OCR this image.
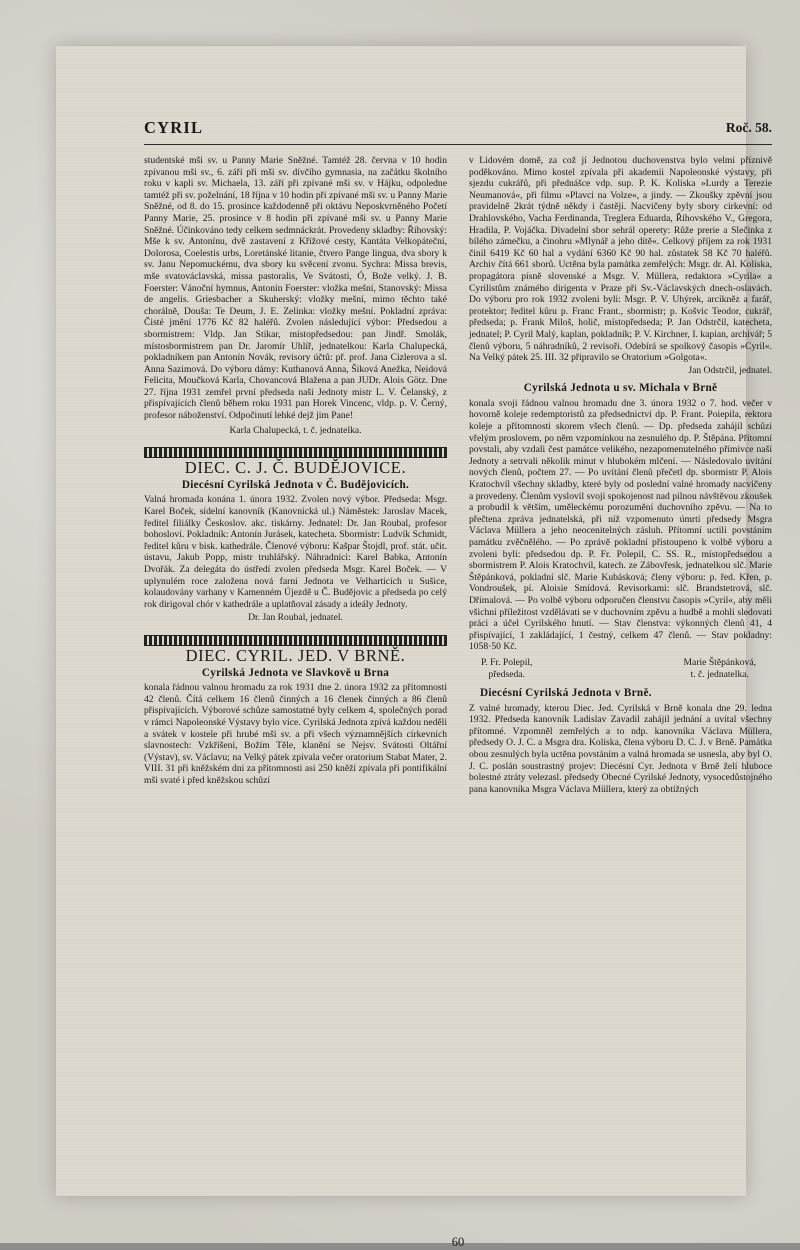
CYRIL	Roč. 58.

studentské mši sv. u Panny Marie Sněžné. Tamtéž 28. června v 10 hodin zpívanou mši sv., 6. září při mši sv. dívčího gymnasia, na začátku školního roku v kapli sv. Michaela, 13. září při zpívané mši sv. v Hájku, odpoledne tamtéž při sv. poželnání, 18 října v 10 hodin při zpívané mši sv. u Panny Marie Sněžné, od 8. do 15. prosince každodenně při oktávu Neposkvrněného Početí Panny Marie, 25. prosince v 8 hodin při zpívané mši sv. u Panny Marie Sněžné. Účinkováno tedy celkem sedmnáckrát. Provedeny skladby: Říhovský: Mše k sv. Antonínu, dvě zastavení z Křížové cesty, Kantáta Velkopáteční, Dolorosa, Coelestis urbs, Loretánské litanie, čtvero Pange lingua, dva sbory k sv. Janu Nepomuckému, dva sbory ku svěcení zvonu. Sychra: Missa brevis, mše svatováclavská, missa pastoralis, Ve Svátosti, Ó, Bože velký. J. B. Foerster: Vánoční hymnus, Antonín Foerster: vložka mešní, Stanovský: Missa de angelis. Griesbacher a Skuherský: vložky mešní, mimo těchto také chorálně, Douša: Te Deum, J. E. Zelinka: vložky mešní. Pokladní zpráva: Čisté jmění 1776 Kč 82 haléřů. Zvolen následující výbor: Předsedou a sbormistrem: Vldp. Jan Stikar, místopředsedou: pan Jindř. Smolák, místosbormistrem pan Dr. Jaromír Uhlíř, jednatelkou: Karla Chalupecká, pokladníkem pan Antonín Novák, revisory účtů: př. prof. Jana Cizlerova a sl. Anna Sazimová. Do výboru dámy: Kuthanová Anna, Šiková Anežka, Neidová Felicita, Moučková Karla, Chovancová Blažena a pan JUDr. Alois Götz. Dne 27. října 1931 zemřel první předseda naší Jednoty mistr L. V. Čelanský, z přispívajících členů během roku 1931 pan Horek Vincenc, vldp. p. V. Černý, profesor náboženství. Odpočinutí lehké dejž jim Pane!

Karla Chalupecká, t. č. jednatelka.

DIEC. C. J. Č. BUDĚJOVICE.
Diecésní Cyrilská Jednota v Č. Budějovicích.

Valná hromada konána 1. února 1932. Zvolen nový výbor. Předseda: Msgr. Karel Boček, sídelní kanovník (Kanovnická ul.) Náměstek: Jaroslav Macek, ředitel filiálky Českoslov. akc. tiskárny. Jednatel: Dr. Jan Roubal, profesor bohosloví. Pokladník: Antonín Jurásek, katecheta. Sbormistr: Ludvík Schmidt, ředitel kůru v bisk. kathedrále. Členové výboru: Kašpar Štojdl, prof. stát. učit. ústavu, Jakub Popp, mistr truhlářský. Náhradníci: Karel Babka, Antonín Dvořák. Za delegáta do ústředí zvolen předseda Msgr. Karel Boček. — V uplynulém roce založena nová farní Jednota ve Velharticích u Sušice, kolaudovány varhany v Kamenném Újezdě u Č. Budějovic a předseda po celý rok dirigoval chór v kathedrále a uplatňoval zásady a ideály Jednoty.

Dr. Jan Roubal, jednatel.

DIEC. CYRIL. JED. V BRNĚ.
Cyrilská Jednota ve Slavkově u Brna

konala řádnou valnou hromadu za rok 1931 dne 2. února 1932 za přítomnosti 42 členů. Čítá celkem 16 členů činných a 16 členek činných a 86 členů přispívajících. Výborové schůze samostatné byly celkem 4, společných porad v rámci Napoleonské Výstavy bylo více. Cyrilská Jednota zpívá každou neděli a svátek v kostele při hrubé mši sv. a při všech významnějších církevních slavnostech: Vzkříšení, Božím Těle, klanění se Nejsv. Svátosti Oltářní (Výstav), sv. Václavu; na Velký pátek zpívala večer oratorium Stabat Mater, 2. VIII. 31 při kněžském dni za přítomnosti asi 250 kněží zpívala při pontifikální mši svaté i před kněžskou schůzí

v Lidovém domě, za což jí Jednotou duchovenstva bylo velmi příznivě poděkováno. Mimo kostel zpívala při akademii Napoleonské výstavy, při sjezdu cukrářů, při přednášce vdp. sup. P. K. Kolíska »Lurdy a Terezie Neumanová«, při filmu »Plavci na Volze«, a jindy. — Zkoušky zpěvní jsou pravidelně 2krát týdně někdy i častěji. Nacvičeny byly sbory církevní: od Drahlovského, Vacha Ferdinanda, Treglera Eduarda, Říhovského V., Gregora, Hradila, P. Vojáčka. Divadelní sbor sehrál operety: Růže prerie a Slečinka z bílého zámečku, a činohru »Mlynář a jeho dítě«. Celkový příjem za rok 1931 činil 6419 Kč 60 hal a vydání 6360 Kč 90 hal. zůstatek 58 Kč 70 haléřů. Archiv čítá 661 sborů. Uctěna byla památka zemřelých: Msgr. dr. Al. Kolíska, propagátora písně slovenské a Msgr. V. Müllera, redaktora »Cyrila« a Cyrilistům známého dirigenta v Praze při Sv.-Václavských dnech-oslavách. Do výboru pro rok 1932 zvoleni byli: Msgr. P. V. Uhýrek, arcikněz a farář, protektor; ředitel kůru p. Franc Frant., sbormistr; p. Košvic Teodor, cukrář, předseda; p. Frank Miloš, holič, místopředseda; P. Jan Odstrčil, katecheta, jednatel; P. Cyril Malý, kaplan, pokladník; P. V. Kirchner, I. kapian, archivář; 5 členů výboru, 5 náhradníků, 2 revisoři. Odebírá se spolkový časopis »Cyril«. Na Velký pátek 25. III. 32 připravilo se Oratorium »Golgota«.

Jan Odstrčil, jednatel.

Cyrilská Jednota u sv. Michala v Brně

konala svoji řádnou valnou hromadu dne 3. února 1932 o 7. hod. večer v hovorně koleje redemptoristů za předsednictví dp. P. Frant. Poiepila, rektora koleje a přítomnosti skorem všech členů. — Dp. předseda zahájil schůzi vřelým proslovem, po něm vzpomínkou na zesnulého dp. P. Štěpána. Přítomní povstali, aby vzdali čest památce velikého, nezapomenutelného přímivce naší Jednoty a setrvali několik minut v hlubokém mlčení. — Následovalo uvítání nových členů, počtem 27. — Po uvítání členů přečetl dp. sbormistr P. Alois Kratochvíl všechny skladby, které byly od poslední valné hromady nacvičeny a provedeny. Členům vyslovil svoji spokojenost nad pilnou návštěvou zkoušek a probudil k větším, uměleckému porozumění duchovního zpěvu. — Na to přečtena zpráva jednatelská, při níž vzpomenuto úmrtí předsedy Msgra Václava Müllera a jeho neocenitelných zásluh. Přítomní uctili povstáním památku zvěčnělého. — Po zprávě pokladní přistoupeno k volbě výboru a zvoleni byli: předsedou dp. P. Fr. Polepil, C. SS. R., místopředsedou a sbormistrem P. Alois Kratochvíl, katech. ze Zábovřesk, jednatelkou slč. Marie Štěpánková, pokladní slč. Marie Kubásková; členy výboru: p. řed. Křen, p. Vondroušek, pí. Aloisie Smídová. Revisorkami: slč. Brandstetrová, slč. Dřímalová. — Po volbě výboru odporučen členstvu časopis »Cyril«, aby měli všichni příležitost vzdělávati se v duchovním zpěvu a hudbě a mohli sledovati práci a účel Cyrilského hnutí. — Stav členstva: výkonných členů 41, 4 přispívající, 1 zakládající, 1 čestný, celkem 47 členů. — Stav pokladny: 1058·50 Kč.

P. Fr. Polepil,
předseda.
Marie Štěpánková,
t. č. jednatelka.
Diecésní Cyrilská Jednota v Brně.

Z valné hromady, kterou Diec. Jed. Cyrilská v Brně konala dne 29. ledna 1932. Předseda kanovník Ladislav Zavadil zahájil jednání a uvítal všechny přítomné. Vzpomněl zemřelých a to ndp. kanovníka Václava Müllera, předsedy O. J. C. a Msgra dra. Kolíska, člena výboru D. C. J. v Brně. Památka obou zesnulých byla uctěna povstáním a valná hromada se usnesla, aby byl O. J. C. poslán soustrastný projev: Diecésní Cyr. Jednota v Brně želí hluboce bolestné ztráty velezasl. předsedy Obecné Cyrilské Jednoty, vysocedůstojného pana kanovníka Msgra Václava Müllera, který za obtížných

60
